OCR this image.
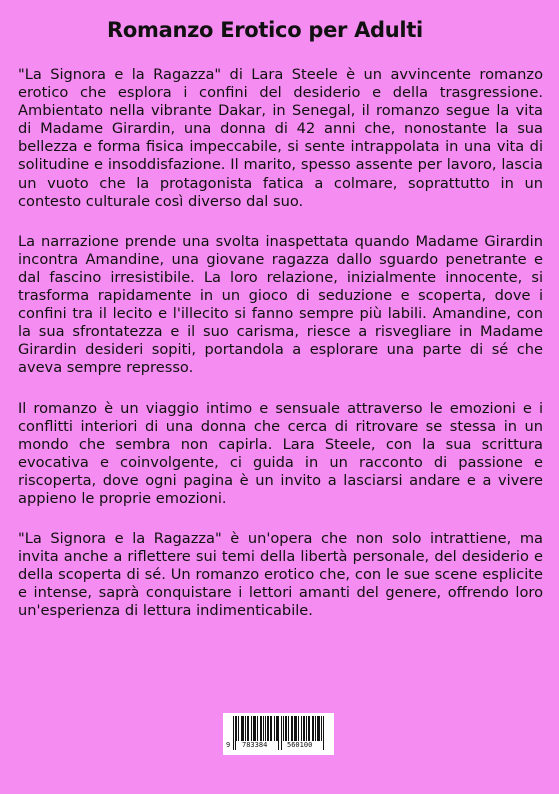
Romanzo Erotico per Adulti

"La Signora e la Ragazza" di Lara Steele è un avvincente romanzo erotico che esplora i confini del desiderio e della trasgressione. Ambientato nella vibrante Dakar, in Senegal, il romanzo segue la vita di Madame Girardin, una donna di 42 anni che, nonostante la sua bellezza e forma fisica impeccabile, si sente intrappolata in una vita di solitudine e insoddisfazione. Il marito, spesso assente per lavoro, lascia un vuoto che la protagonista fatica a colmare, soprattutto in un contesto culturale così diverso dal suo.

La narrazione prende una svolta inaspettata quando Madame Girardin incontra Amandine, una giovane ragazza dallo sguardo penetrante e dal fascino irresistibile. La loro relazione, inizialmente innocente, si trasforma rapidamente in un gioco di seduzione e scoperta, dove i confini tra il lecito e l'illecito si fanno sempre più labili. Amandine, con la sua sfrontatezza e il suo carisma, riesce a risvegliare in Madame Girardin desideri sopiti, portandola a esplorare una parte di sé che aveva sempre represso.

Il romanzo è un viaggio intimo e sensuale attraverso le emozioni e i conflitti interiori di una donna che cerca di ritrovare se stessa in un mondo che sembra non capirla. Lara Steele, con la sua scrittura evocativa e coinvolgente, ci guida in un racconto di passione e riscoperta, dove ogni pagina è un invito a lasciarsi andare e a vivere appieno le proprie emozioni.

"La Signora e la Ragazza" è un'opera che non solo intrattiene, ma invita anche a riflettere sui temi della libertà personale, del desiderio e della scoperta di sé. Un romanzo erotico che, con le sue scene esplicite e intense, saprà conquistare i lettori amanti del genere, offrendo loro un'esperienza di lettura indimenticabile.

9 783384	560100
